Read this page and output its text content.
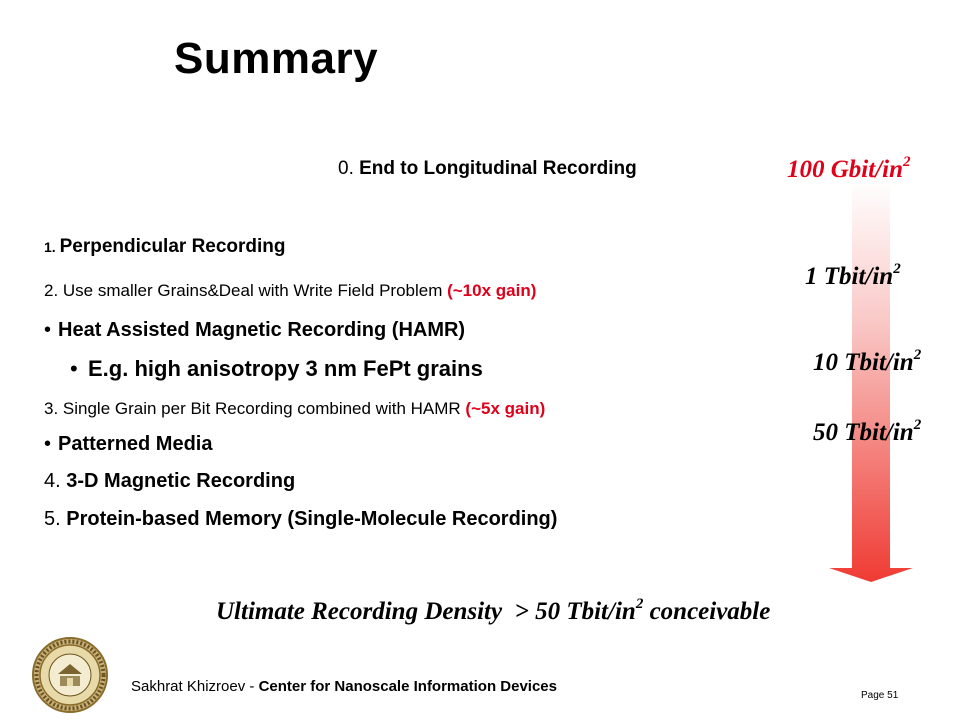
Summary
0. End to Longitudinal Recording
1. Perpendicular Recording
2. Use smaller Grains&Deal with Write Field Problem (~10x gain)
• Heat Assisted Magnetic Recording (HAMR)
• E.g. high anisotropy 3 nm FePt grains
3. Single Grain per Bit Recording combined with HAMR (~5x gain)
• Patterned Media
4. 3-D Magnetic Recording
5. Protein-based Memory (Single-Molecule Recording)
100 Gbit/$in^2$
1 Tbit/$in^2$
10 Tbit/$in^2$
50 Tbit/$in^2$
Ultimate Recording Density  > 50 Tbit/$in^2$ conceivable
Sakhrat Khizroev - Center for Nanoscale Information Devices
Page 51
